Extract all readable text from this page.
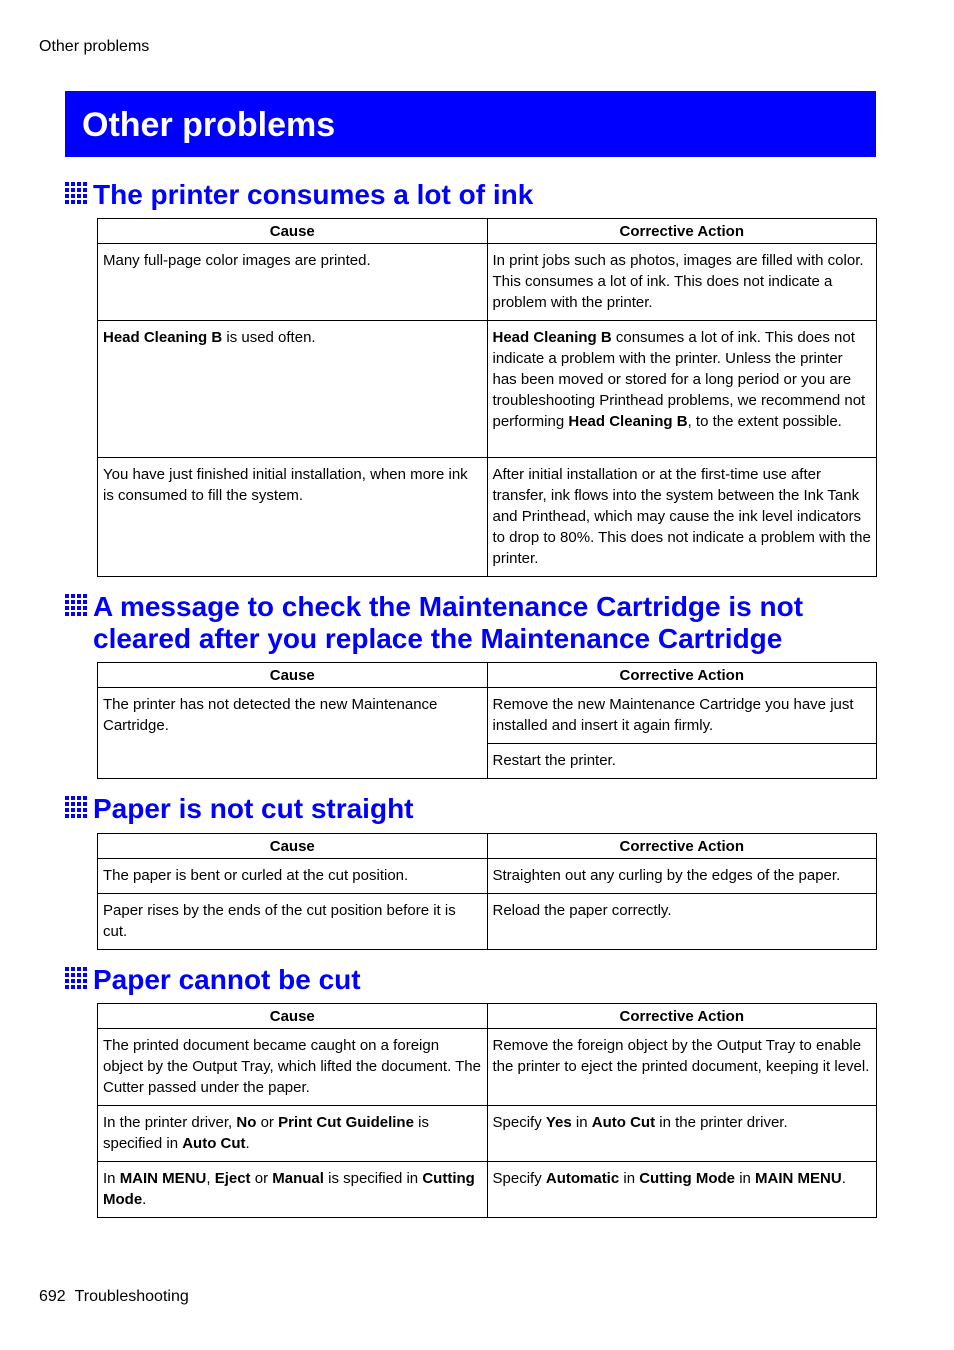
Other problems
Other problems
The printer consumes a lot of ink
Cause	Corrective Action
Many full-page color images are printed.	In print jobs such as photos, images are filled with color. This consumes a lot of ink. This does not indicate a problem with the printer.
Head Cleaning B is used often.	Head Cleaning B consumes a lot of ink. This does not indicate a problem with the printer. Unless the printer has been moved or stored for a long period or you are troubleshooting Printhead problems, we recommend not performing Head Cleaning B, to the extent possible.
You have just finished initial installation, when more ink is consumed to fill the system.	After initial installation or at the first-time use after transfer, ink flows into the system between the Ink Tank and Printhead, which may cause the ink level indicators to drop to 80%. This does not indicate a problem with the printer.
A message to check the Maintenance Cartridge is not
cleared after you replace the Maintenance Cartridge
Cause	Corrective Action
The printer has not detected the new Maintenance Cartridge.	Remove the new Maintenance Cartridge you have just installed and insert it again firmly.
	Restart the printer.
Paper is not cut straight
Cause	Corrective Action
The paper is bent or curled at the cut position.	Straighten out any curling by the edges of the paper.
Paper rises by the ends of the cut position before it is cut.	Reload the paper correctly.
Paper cannot be cut
Cause	Corrective Action
The printed document became caught on a foreign object by the Output Tray, which lifted the document. The Cutter passed under the paper.	Remove the foreign object by the Output Tray to enable the printer to eject the printed document, keeping it level.
In the printer driver, No or Print Cut Guideline is specified in Auto Cut.	Specify Yes in Auto Cut in the printer driver.
In MAIN MENU, Eject or Manual is specified in Cutting Mode.	Specify Automatic in Cutting Mode in MAIN MENU.
692 Troubleshooting
